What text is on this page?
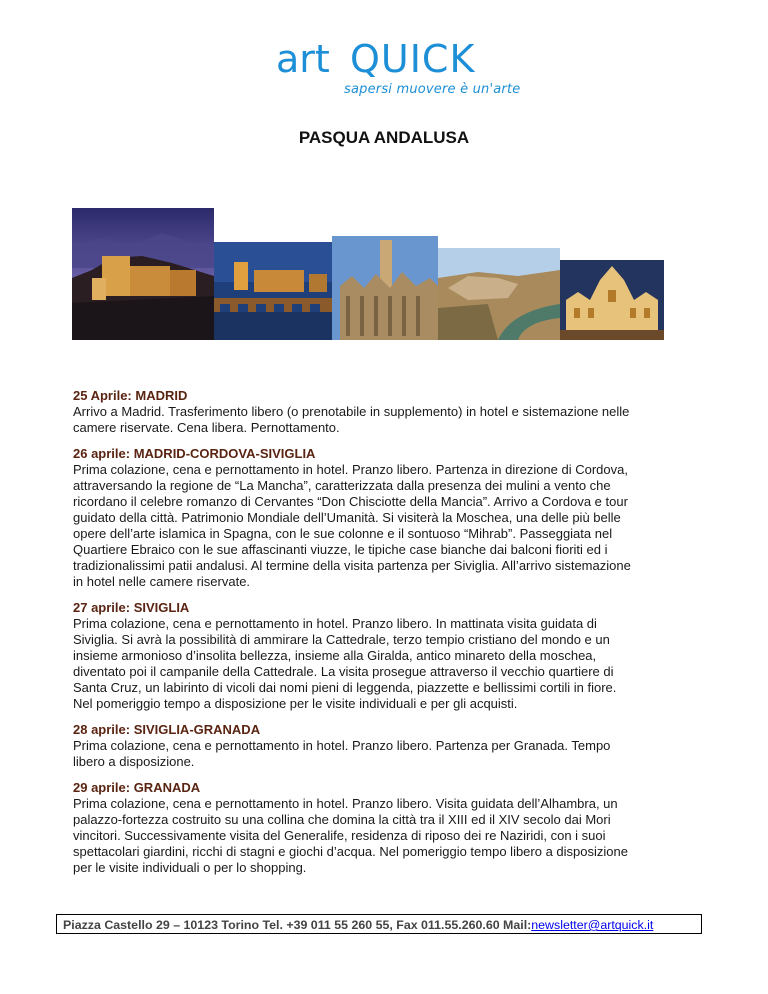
art QUICK
sapersi muovere è un'arte
PASQUA ANDALUSA
25 Aprile: MADRID

Arrivo a Madrid. Trasferimento libero (o prenotabile in supplemento) in hotel e sistemazione nelle camere riservate. Cena libera. Pernottamento.

26 aprile: MADRID-CORDOVA-SIVIGLIA

Prima colazione, cena e pernottamento in hotel. Pranzo libero. Partenza in direzione di Cordova, attraversando la regione de “La Mancha”, caratterizzata dalla presenza dei mulini a vento che ricordano il celebre romanzo di Cervantes “Don Chisciotte della Mancia”. Arrivo a Cordova e tour guidato della città. Patrimonio Mondiale dell’Umanità. Si visiterà la Moschea, una delle più belle opere dell’arte islamica in Spagna, con le sue colonne e il sontuoso “Mihrab”. Passeggiata nel Quartiere Ebraico con le sue affascinanti viuzze, le tipiche case bianche dai balconi fioriti ed i tradizionalissimi patii andalusi. Al termine della visita partenza per Siviglia. All’arrivo sistemazione in hotel nelle camere riservate.

27 aprile: SIVIGLIA

Prima colazione, cena e pernottamento in hotel. Pranzo libero. In mattinata visita guidata di Siviglia. Si avrà la possibilità di ammirare la Cattedrale, terzo tempio cristiano del mondo e un insieme armonioso d’insolita bellezza, insieme alla Giralda, antico minareto della moschea, diventato poi il campanile della Cattedrale. La visita prosegue attraverso il vecchio quartiere di Santa Cruz, un labirinto di vicoli dai nomi pieni di leggenda, piazzette e bellissimi cortili in fiore. Nel pomeriggio tempo a disposizione per le visite individuali e per gli acquisti.

28 aprile: SIVIGLIA-GRANADA

Prima colazione, cena e pernottamento in hotel. Pranzo libero. Partenza per Granada. Tempo libero a disposizione.

29 aprile: GRANADA

Prima colazione, cena e pernottamento in hotel. Pranzo libero. Visita guidata dell’Alhambra, un palazzo-fortezza costruito su una collina che domina la città tra il XIII ed il XIV secolo dai Mori vincitori. Successivamente visita del Generalife, residenza di riposo dei re Naziridi, con i suoi spettacolari giardini, ricchi di stagni e giochi d’acqua. Nel pomeriggio tempo libero a disposizione per le visite individuali o per lo shopping.

Piazza Castello 29 – 10123 Torino Tel. +39 011 55 260 55, Fax 011.55.260.60 Mail:newsletter@artquick.it
